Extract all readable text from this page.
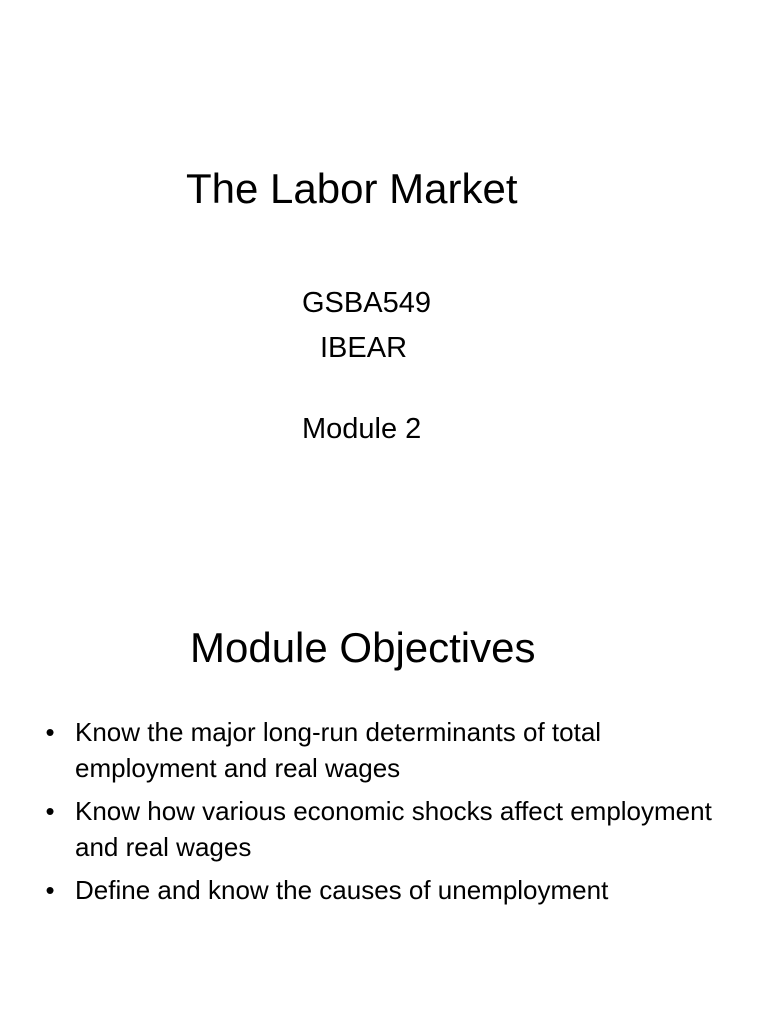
The Labor Market
GSBA549
IBEAR
Module 2
Module Objectives
• Know the major long-run determinants of total employment and real wages
• Know how various economic shocks affect employment and real wages
• Define and know the causes of unemployment
